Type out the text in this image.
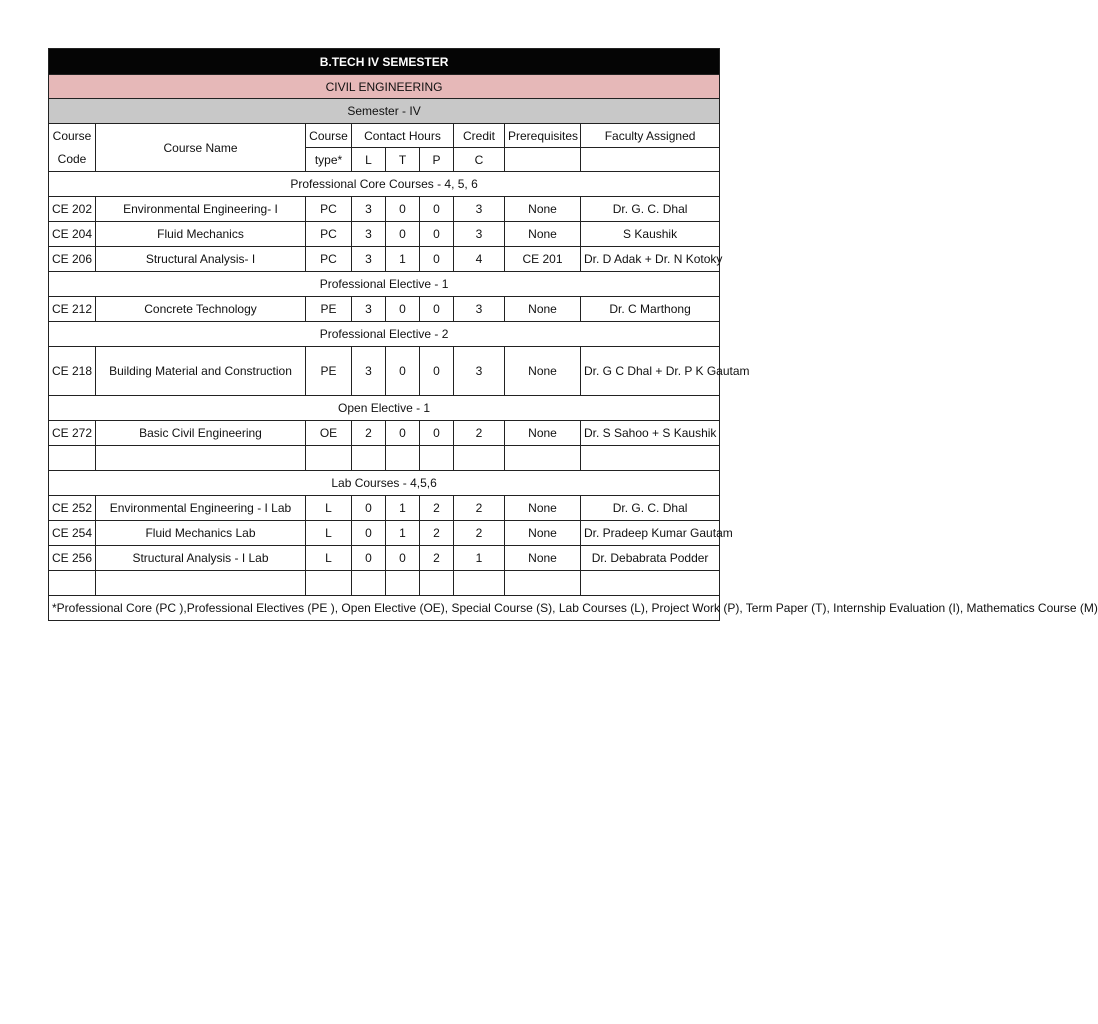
B.TECH IV SEMESTER								
CIVIL ENGINEERING								
Semester - IV								
Course
Code	Course Name	Course	Contact Hours			Credit	Prerequisites	Faculty Assigned
		type*	L	T	P	C		
Professional Core Courses - 4, 5, 6								
CE 202	Environmental Engineering- I	PC	3	0	0	3	None	Dr. G. C. Dhal
CE 204	Fluid Mechanics	PC	3	0	0	3	None	S Kaushik
CE 206	Structural Analysis- I	PC	3	1	0	4	CE 201	Dr. D Adak + Dr. N Kotoky
Professional Elective - 1								
CE 212	Concrete Technology	PE	3	0	0	3	None	Dr. C Marthong
Professional Elective - 2								
CE 218	Building Material and Construction	PE	3	0	0	3	None	Dr. G C Dhal + Dr. P K Gautam
Open Elective - 1								
CE 272	Basic Civil Engineering	OE	2	0	0	2	None	Dr. S Sahoo + S Kaushik

Lab Courses - 4,5,6								
CE 252	Environmental Engineering - I Lab	L	0	1	2	2	None	Dr. G. C. Dhal
CE 254	Fluid Mechanics Lab	L	0	1	2	2	None	Dr. Pradeep Kumar Gautam
CE 256	Structural Analysis - I Lab	L	0	0	2	1	None	Dr. Debabrata Podder

*Professional Core (PC ),Professional Electives (PE ), Open Elective (OE), Special Course (S), Lab Courses (L), Project Work (P), Term Paper (T), Internship Evaluation (I), Mathematics Course (M)								
